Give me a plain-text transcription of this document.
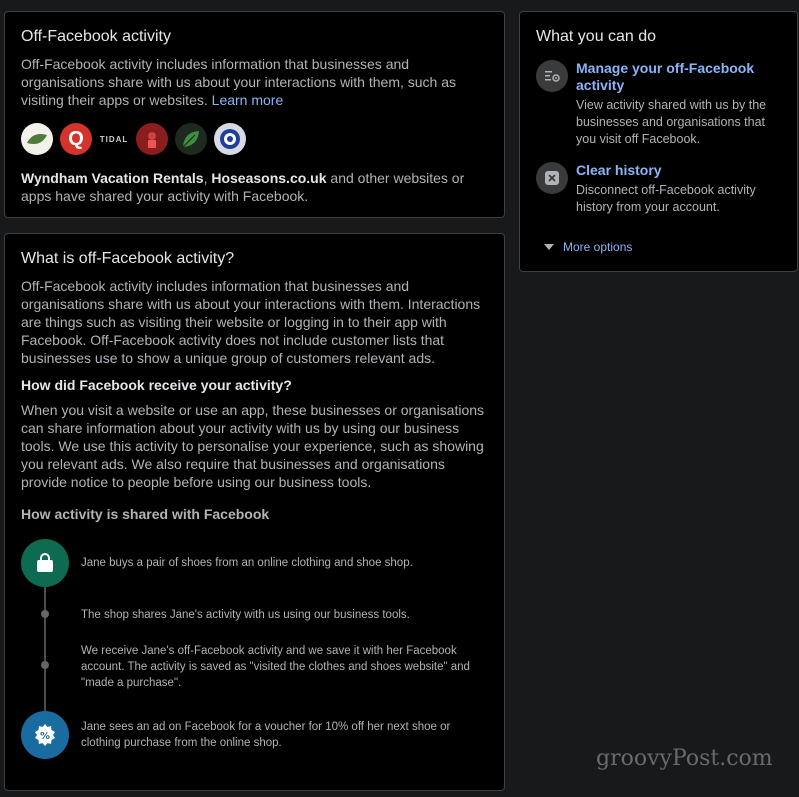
Off-Facebook activity

Off-Facebook activity includes information that businesses and organisations share with us about your interactions with them, such as visiting their apps or websites. Learn more

Q	TIDAL

Wyndham Vacation Rentals, Hoseasons.co.uk and other websites or apps have shared your activity with Facebook.

What is off-Facebook activity?

Off-Facebook activity includes information that businesses and organisations share with us about your interactions with them. Interactions are things such as visiting their website or logging in to their app with Facebook. Off-Facebook activity does not include customer lists that businesses use to show a unique group of customers relevant ads.

How did Facebook receive your activity?

When you visit a website or use an app, these businesses or organisations can share information about your activity with us by using our business tools. We use this activity to personalise your experience, such as showing you relevant ads. We also require that businesses and organisations provide notice to people before using our business tools.

How activity is shared with Facebook
Jane buys a pair of shoes from an online clothing and shoe shop.
The shop shares Jane's activity with us using our business tools.
We receive Jane's off-Facebook activity and we save it with her Facebook account. The activity is saved as "visited the clothes and shoes website" and "made a purchase".
%
Jane sees an ad on Facebook for a voucher for 10% off her next shoe or clothing purchase from the online shop.
What you can do
Manage your off-Facebook activity
View activity shared with us by the businesses and organisations that you visit off Facebook.
Clear history
Disconnect off-Facebook activity history from your account.
More options
groovyPost.com
